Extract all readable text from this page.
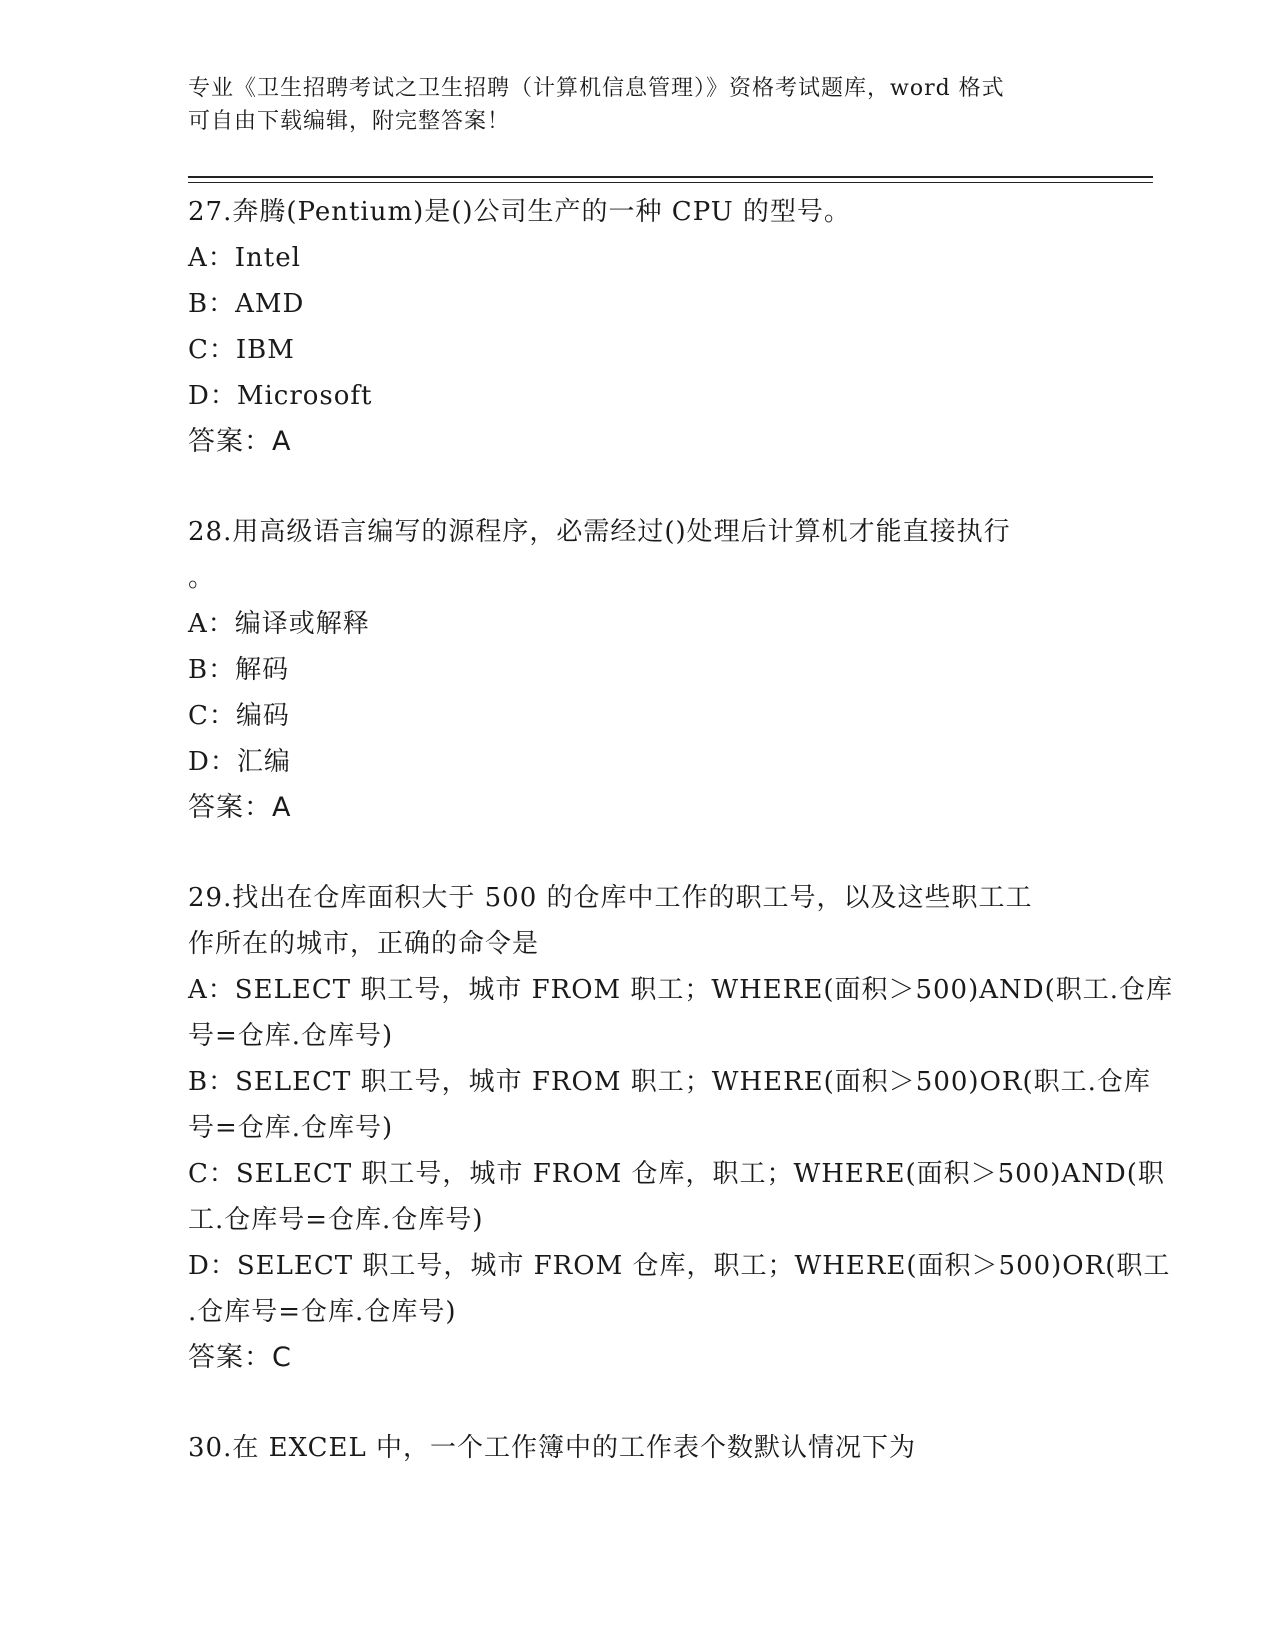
专业《卫生招聘考试之卫生招聘（计算机信息管理）》资格考试题库，word 格式
可自由下载编辑，附完整答案！
27.奔腾(Pentium)是()公司生产的一种 CPU 的型号。
A：Intel
B：AMD
C：IBM
D：Microsoft
答案：A
28.用高级语言编写的源程序，必需经过()处理后计算机才能直接执行
。
A：编译或解释
B：解码
C：编码
D：汇编
答案：A
29.找出在仓库面积大于 500 的仓库中工作的职工号，以及这些职工工
作所在的城市，正确的命令是
A：SELECT 职工号，城市 FROM 职工；WHERE(面积＞500)AND(职工.仓库
号=仓库.仓库号)
B：SELECT 职工号，城市 FROM 职工；WHERE(面积＞500)OR(职工.仓库
号=仓库.仓库号)
C：SELECT 职工号，城市 FROM 仓库，职工；WHERE(面积＞500)AND(职
工.仓库号=仓库.仓库号)
D：SELECT 职工号，城市 FROM 仓库，职工；WHERE(面积＞500)OR(职工
.仓库号=仓库.仓库号)
答案：C
30.在 EXCEL 中，一个工作簿中的工作表个数默认情况下为
